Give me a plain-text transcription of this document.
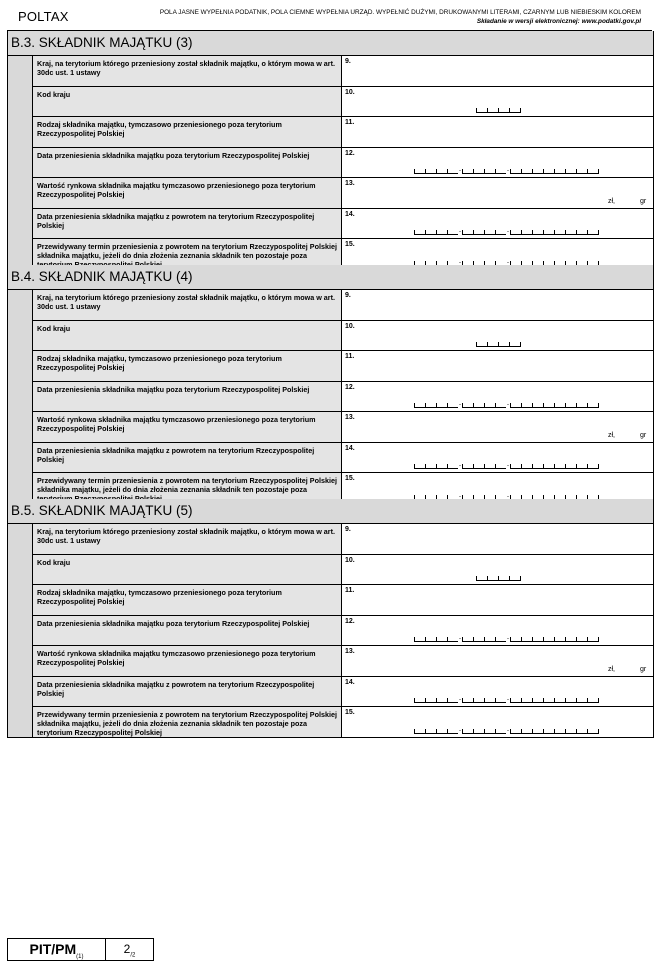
POLTAX	POLA JASNE WYPEŁNIA PODATNIK, POLA CIEMNE WYPEŁNIA URZĄD. WYPEŁNIĆ DUŻYMI, DRUKOWANYMI LITERAMI, CZARNYM LUB NIEBIESKIM KOLOREM
Składanie w wersji elektronicznej: www.podatki.gov.pl
B.3. SKŁADNIK MAJĄTKU (3)
Kraj, na terytorium którego przeniesiony został składnik majątku, o którym mowa w art. 30dc ust. 1 ustawy
9.
Kod kraju	10.
Rodzaj składnika majątku, tymczasowo przeniesionego poza terytorium Rzeczypospolitej Polskiej
11.
Data przeniesienia składnika majątku poza terytorium Rzeczypospolitej Polskiej	12.
-	-
Wartość rynkowa składnika majątku tymczasowo przeniesionego poza terytorium Rzeczypospolitej Polskiej
13.
zł,	gr
Data przeniesienia składnika majątku z powrotem na terytorium Rzeczypospolitej Polskiej
14.
-	-
Przewidywany termin przeniesienia z powrotem na terytorium Rzeczypospolitej Polskiej składnika majątku, jeżeli do dnia złożenia zeznania składnik ten pozostaje poza
15.
-	-
B.4. SKŁADNIK MAJĄTKU (4)
Kraj, na terytorium którego przeniesiony został składnik majątku, o którym mowa w art. 30dc ust. 1 ustawy
9.
Kod kraju	10.
Rodzaj składnika majątku, tymczasowo przeniesionego poza terytorium Rzeczypospolitej Polskiej
11.
Data przeniesienia składnika majątku poza terytorium Rzeczypospolitej Polskiej	12.
-	-
Wartość rynkowa składnika majątku tymczasowo przeniesionego poza terytorium Rzeczypospolitej Polskiej
13.
zł,	gr
Data przeniesienia składnika majątku z powrotem na terytorium Rzeczypospolitej Polskiej
14.
-	-
Przewidywany termin przeniesienia z powrotem na terytorium Rzeczypospolitej Polskiej składnika majątku, jeżeli do dnia złożenia zeznania składnik ten pozostaje poza
15.
-	-
B.5. SKŁADNIK MAJĄTKU (5)
Kraj, na terytorium którego przeniesiony został składnik majątku, o którym mowa w art. 30dc ust. 1 ustawy
9.
Kod kraju	10.
Rodzaj składnika majątku, tymczasowo przeniesionego poza terytorium Rzeczypospolitej Polskiej
11.
Data przeniesienia składnika majątku poza terytorium Rzeczypospolitej Polskiej	12.
-	-
Wartość rynkowa składnika majątku tymczasowo przeniesionego poza terytorium Rzeczypospolitej Polskiej
13.
zł,	gr
Data przeniesienia składnika majątku z powrotem na terytorium Rzeczypospolitej Polskiej
14.
-	-
Przewidywany termin przeniesienia z powrotem na terytorium Rzeczypospolitej Polskiej składnika majątku, jeżeli do dnia złożenia zeznania składnik ten pozostaje poza terytorium Rzeczypospolitej Polskiej
15.
-	-
PIT/$PM_{(1)}$
$2_{/2}$
